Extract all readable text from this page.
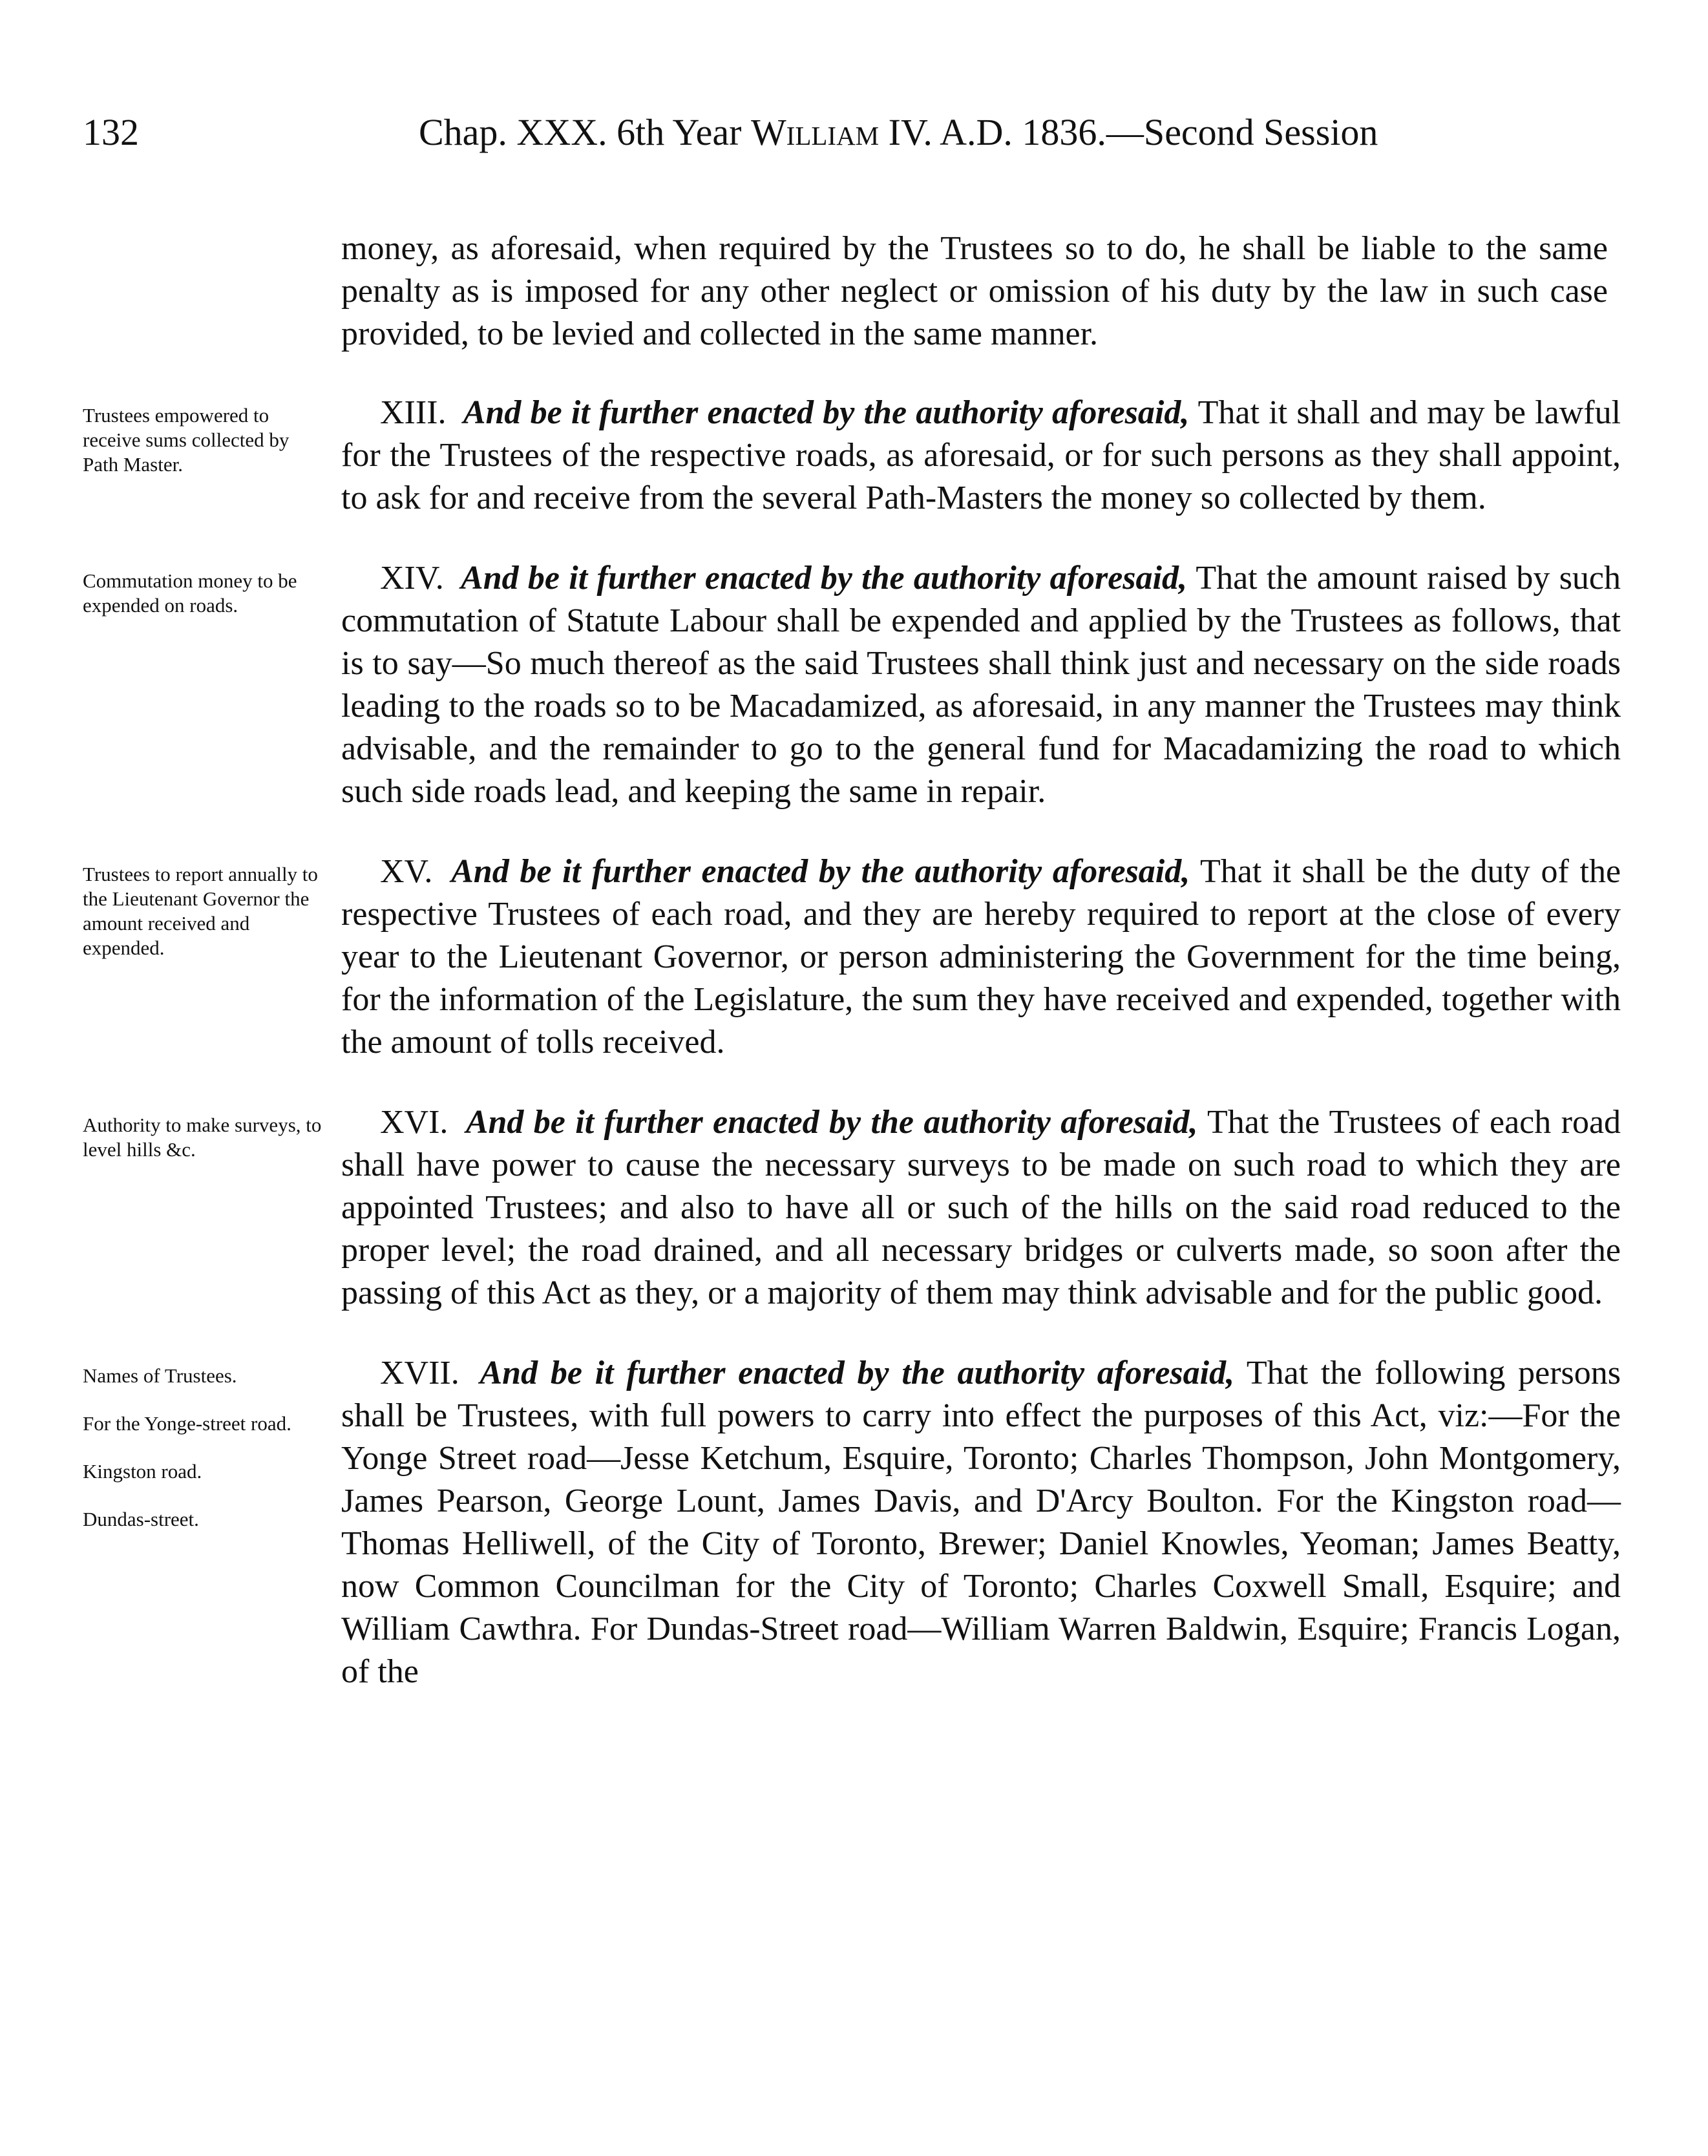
132	Chap. XXX. 6th Year William IV. A.D. 1836.—Second Session

money, as aforesaid, when required by the Trustees so to do, he shall be liable to the same penalty as is imposed for any other neglect or omission of his duty by the law in such case provided, to be levied and collected in the same manner.

Trustees empowered to receive sums collected by Path Master.

XIII. And be it further enacted by the authority aforesaid, That it shall and may be lawful for the Trustees of the respective roads, as aforesaid, or for such persons as they shall appoint, to ask for and receive from the several Path-Masters the money so collected by them.

Commutation money to be expended on roads.

XIV. And be it further enacted by the authority aforesaid, That the amount raised by such commutation of Statute Labour shall be expended and applied by the Trustees as follows, that is to say—So much thereof as the said Trustees shall think just and necessary on the side roads leading to the roads so to be Macadamized, as aforesaid, in any manner the Trustees may think advisable, and the remainder to go to the general fund for Macadamizing the road to which such side roads lead, and keeping the same in repair.

Trustees to report annually to the Lieutenant Governor the amount received and expended.

XV. And be it further enacted by the authority aforesaid, That it shall be the duty of the respective Trustees of each road, and they are hereby required to report at the close of every year to the Lieutenant Governor, or person administering the Government for the time being, for the information of the Legislature, the sum they have received and expended, together with the amount of tolls received.

Authority to make surveys, to level hills &c.

XVI. And be it further enacted by the authority aforesaid, That the Trustees of each road shall have power to cause the necessary surveys to be made on such road to which they are appointed Trustees; and also to have all or such of the hills on the said road reduced to the proper level; the road drained, and all necessary bridges or culverts made, so soon after the passing of this Act as they, or a majority of them may think advisable and for the public good.

Names of Trustees.
For the Yonge-street road.
Kingston road.
Dundas-street.

XVII. And be it further enacted by the authority aforesaid, That the following persons shall be Trustees, with full powers to carry into effect the purposes of this Act, viz:—For the Yonge Street road—Jesse Ketchum, Esquire, Toronto; Charles Thompson, John Montgomery, James Pearson, George Lount, James Davis, and D'Arcy Boulton. For the Kingston road—Thomas Helliwell, of the City of Toronto, Brewer; Daniel Knowles, Yeoman; James Beatty, now Common Councilman for the City of Toronto; Charles Coxwell Small, Esquire; and William Cawthra. For Dundas-Street road—William Warren Baldwin, Esquire; Francis Logan, of the
